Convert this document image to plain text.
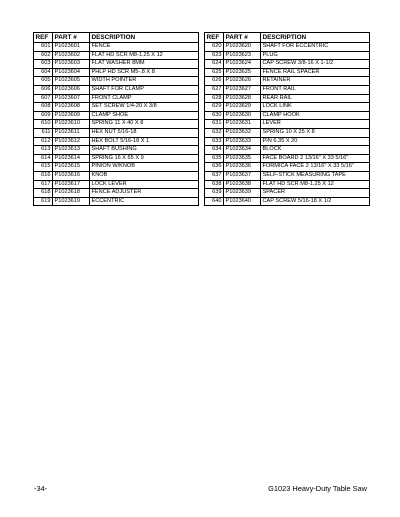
REF	PART #	DESCRIPTION
601	P1023601	FENCE
602	P1023602	FLAT HD SCR M8-1.25 X 12
603	P1023603	FLAT WASHER 8MM
604	P1023604	PHLP HD SCR M5-.8 X 8
605	P1023605	WIDTH POINTER
606	P1023606	SHAFT FOR CLAMP
607	P1023607	FRONT CLAMP
608	P1023608	SET SCREW 1/4-20 X 3/8
609	P1023609	CLAMP SHOE
610	P1023610	SPRING 11 X 40 X 8
611	P1023611	HEX NUT 5/16-18
612	P1023612	HEX BOLT 5/16-18 X 1
613	P1023613	SHAFT BUSHING
614	P1023614	SPRING 16 X 65 X 9
615	P1023615	PINION W/KNOB
616	P1023616	KNOB
617	P1023617	LOCK LEVER
618	P1023618	FENCE ADJUSTER
619	P1023619	ECCENTRIC
REF	PART #	DESCRIPTION
620	P1023620	SHAFT FOR ECCENTRIC
623	P1023623	PLUG
624	P1023624	CAP SCREW 3/8-16 X 1-1/2
625	P1023625	FENCE RAIL SPACER
626	P1023626	RETAINER
627	P1023627	FRONT RAIL
628	P1023628	REAR RAIL
629	P1023629	LOCK LINK
630	P1023630	CLAMP HOOK
631	P1023631	LEVER
632	P1023632	SPRING 10 X 25 X 8
633	P1023633	PIN 6.35 X 20
634	P1023634	BLOCK
635	P1023635	FACE BOARD 2 13/16" X 33 5/16"
636	P1023636	FORMICA FACE 2 13/16" X 33 5/16"
637	P1023637	SELF-STICK MEASURING TAPE
638	P1023638	FLAT HD SCR M8-1.25 X 12
639	P1023639	SPACER
640	P1023640	CAP SCREW 5/16-18 X 1/2
-34-	G1023 Heavy-Duty Table Saw
